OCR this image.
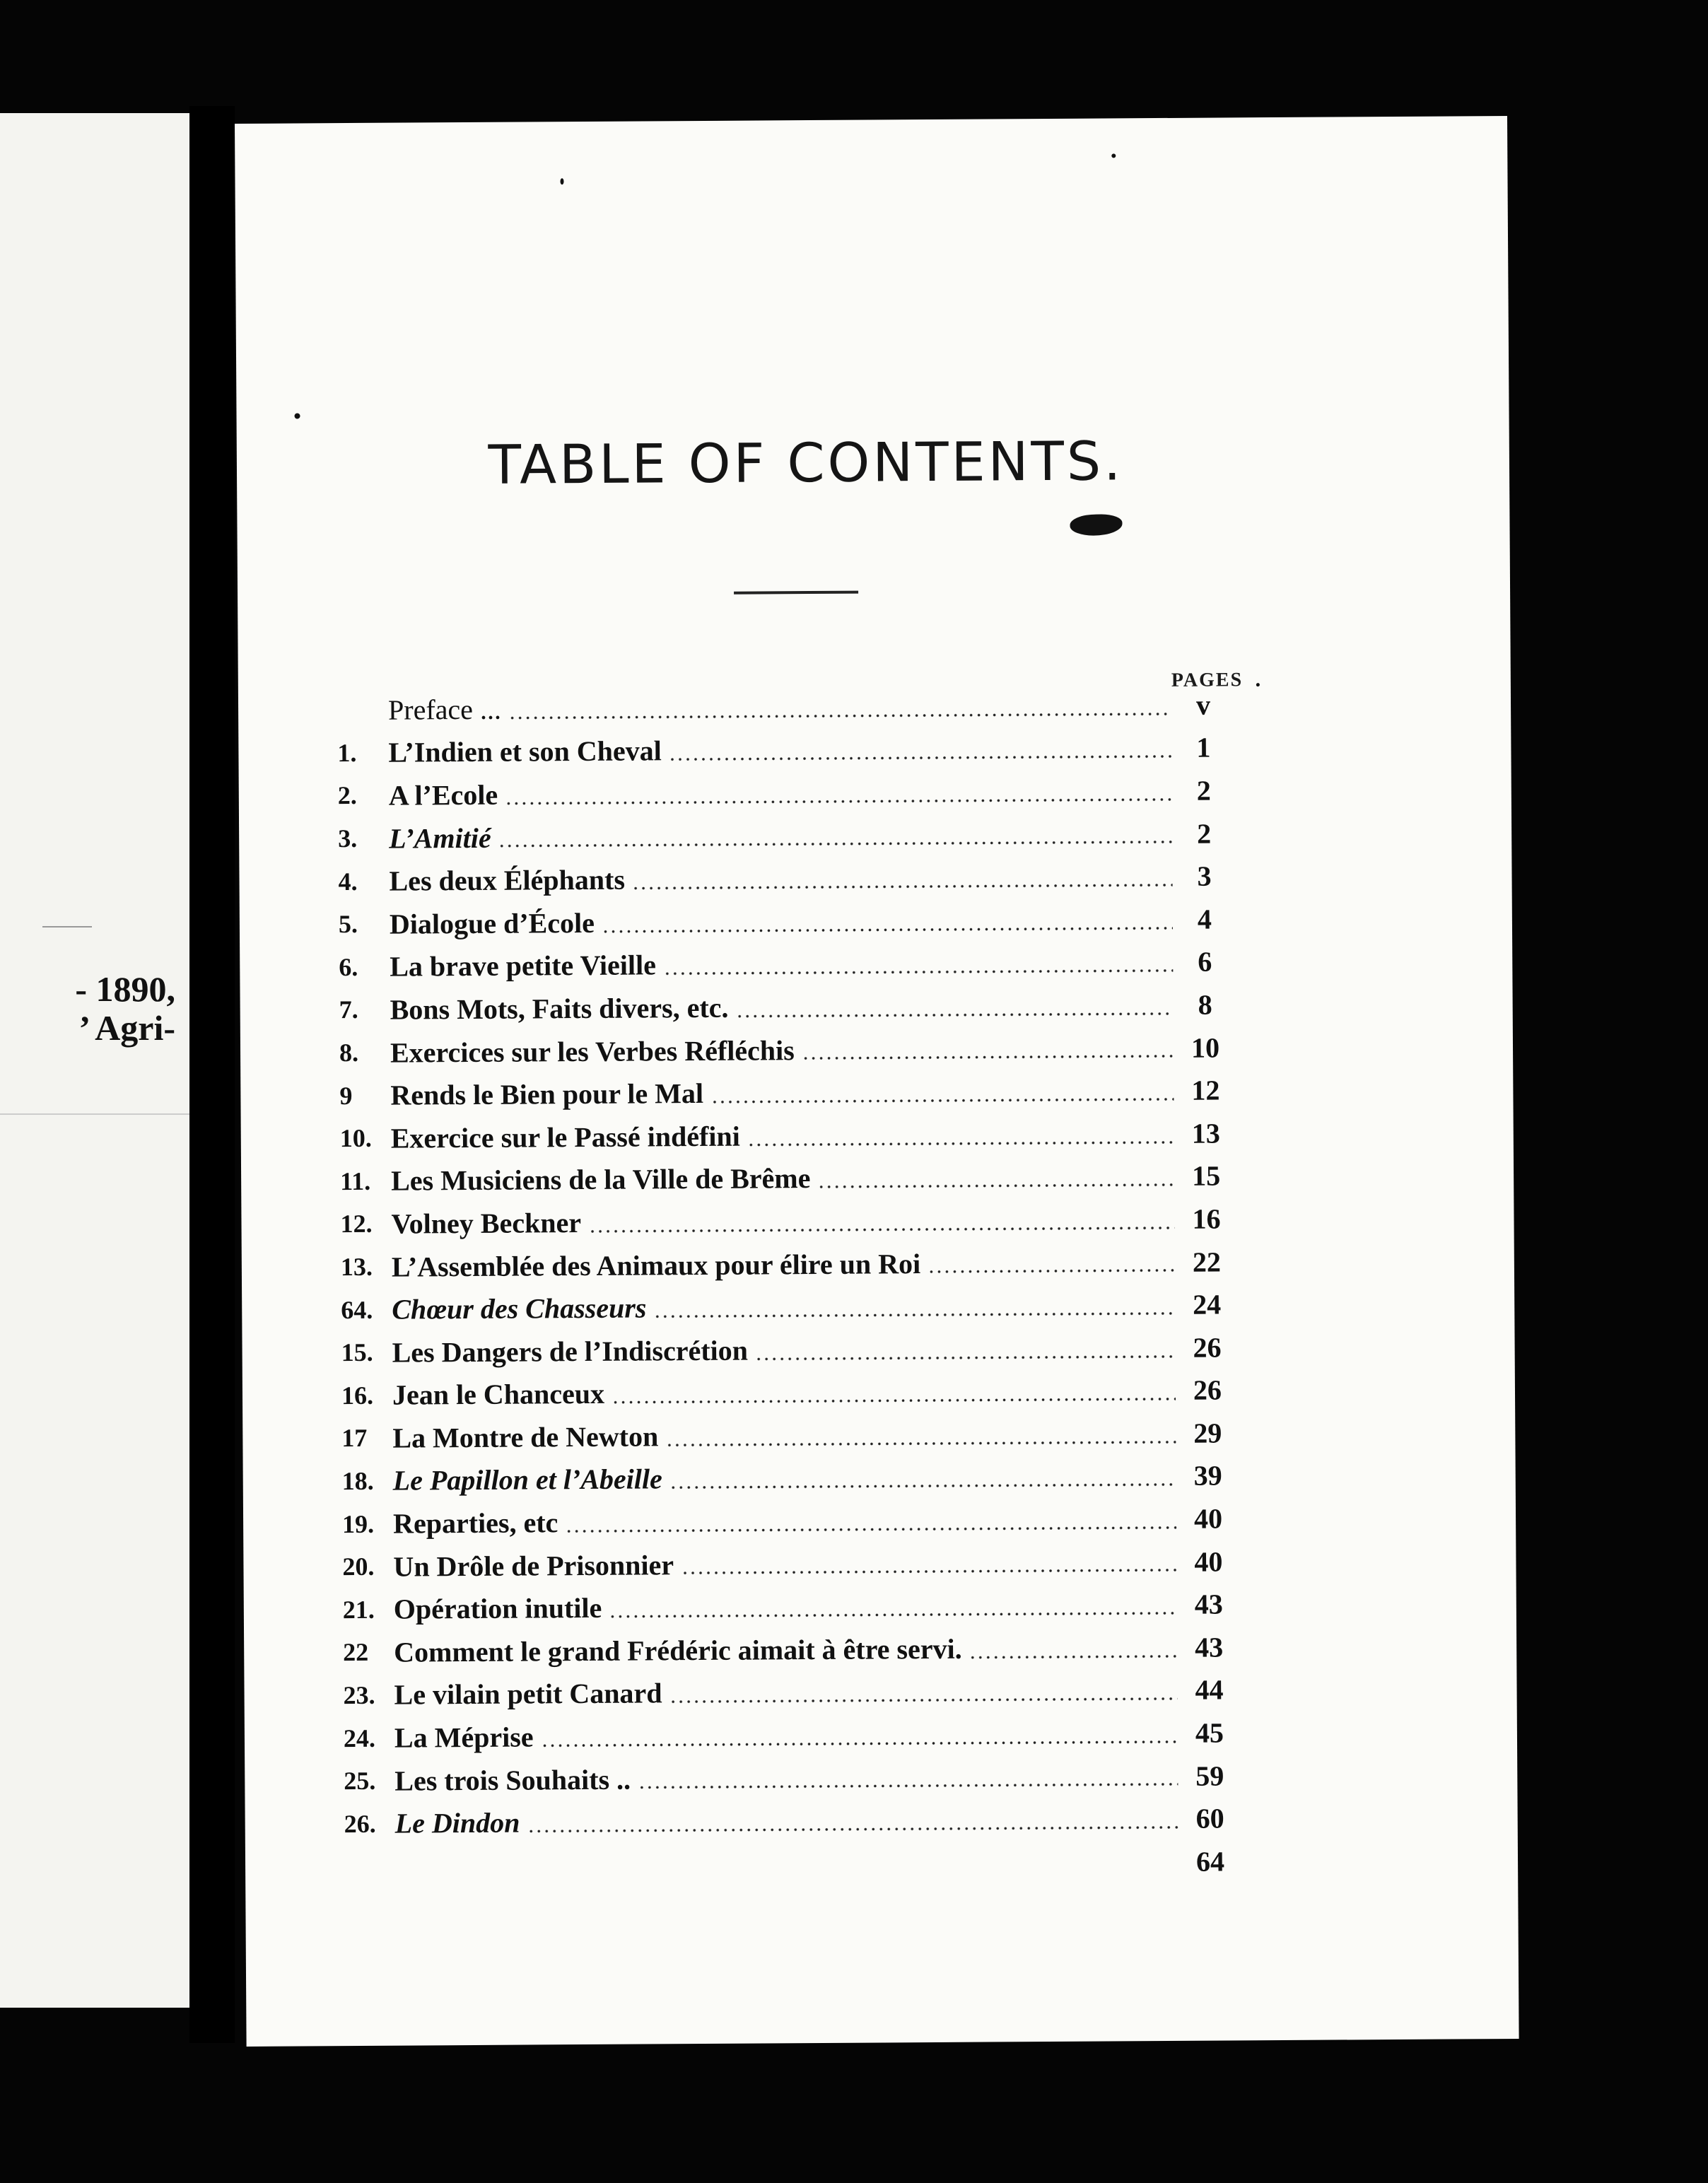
- 1890,
’ Agri-
TABLE OF CONTENTS.
PAGES
Preface ...	v
1.	L’Indien et son Cheval	1
2.	A l’Ecole	2
3.	L’Amitié	2
4.	Les deux Éléphants	3
5.	Dialogue d’École	4
6.	La brave petite Vieille	6
7.	Bons Mots, Faits divers, etc.	8
8.	Exercices sur les Verbes Réfléchis	10
9	Rends le Bien pour le Mal	12
10. Exercice sur le Passé indéfini	13
11. Les Musiciens de la Ville de Brême	15
12. Volney Beckner	16
13. L’Assemblée des Animaux pour élire un Roi	22
64. Chœur des Chasseurs	24
15. Les Dangers de l’Indiscrétion	26
16. Jean le Chanceux	26
17 La Montre de Newton	29
18. Le Papillon et l’Abeille	39
19. Reparties, etc	40
20. Un Drôle de Prisonnier	40
21. Opération inutile	43
22 Comment le grand Frédéric aimait à être servi.	43
23. Le vilain petit Canard	44
24. La Méprise	45
25. Les trois Souhaits ..	59
26. Le Dindon	60
64
